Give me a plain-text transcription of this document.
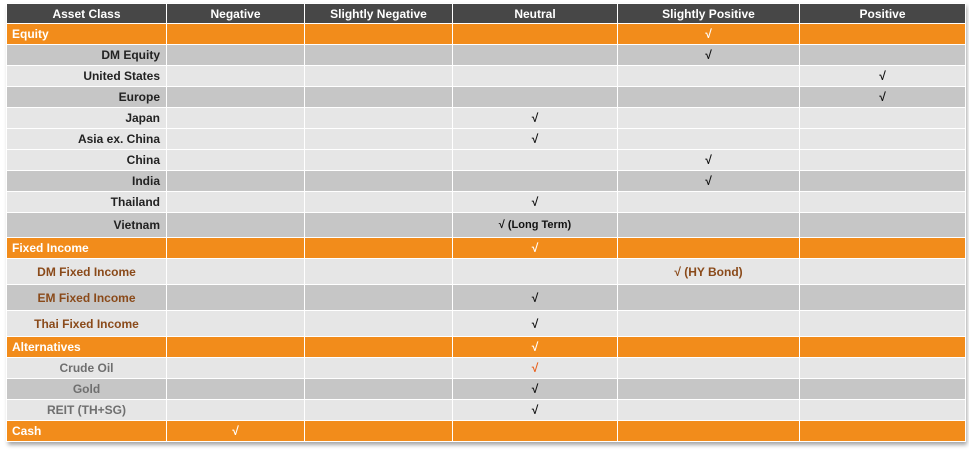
Asset Class	Negative	Slightly Negative	Neutral	Slightly Positive	Positive
Equity				√	
DM Equity				√	
United States					√
Europe					√
Japan			√		
Asia ex. China			√		
China				√	
India				√	
Thailand			√		
Vietnam			√ (Long Term)		
Fixed Income			√		
DM Fixed Income				√ (HY Bond)	
EM Fixed Income			√		
Thai Fixed Income			√		
Alternatives			√		
Crude Oil			√		
Gold			√		
REIT (TH+SG)			√		
Cash	√				
